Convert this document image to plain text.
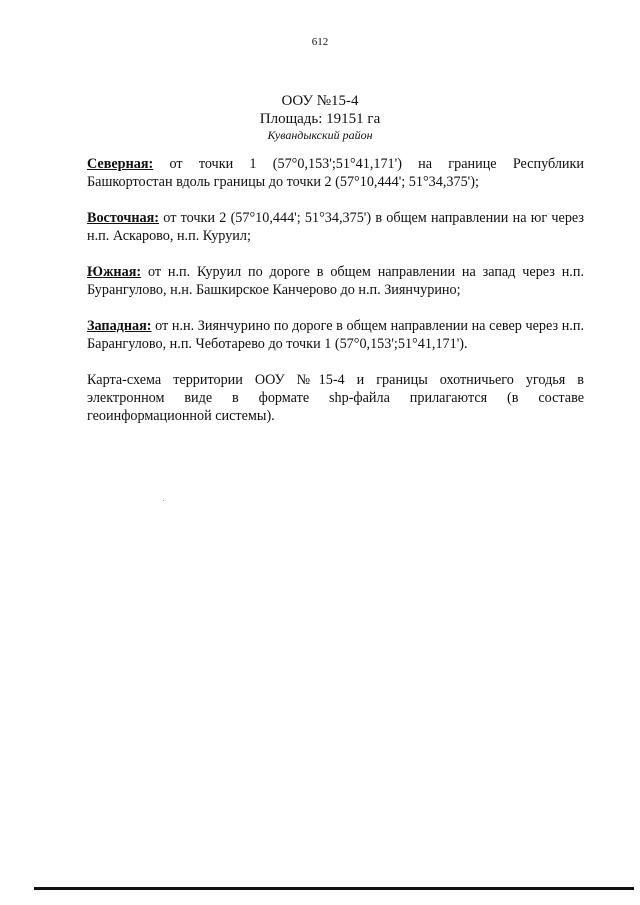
612
ООУ №15-4
Площадь: 19151 га
Кувандыкский район

Северная: от точки 1 (57°0,153';51°41,171') на границе Республики Башкортостан вдоль границы до точки 2 (57°10,444'; 51°34,375');

Восточная: от точки 2 (57°10,444'; 51°34,375') в общем направлении на юг через н.п. Аскарово, н.п. Куруил;

Южная: от н.п. Куруил по дороге в общем направлении на запад через н.п. Бурангулово, н.н. Башкирское Канчерово до н.п. Зиянчурино;

Западная: от н.н. Зиянчурино по дороге в общем направлении на север через н.п. Барангулово, н.п. Чеботарево до точки 1 (57°0,153';51°41,171').

Карта-схема территории ООУ №15-4 и границы охотничьего угодья в электронном виде в формате shp-файла прилагаются (в составе геоинформационной системы).
